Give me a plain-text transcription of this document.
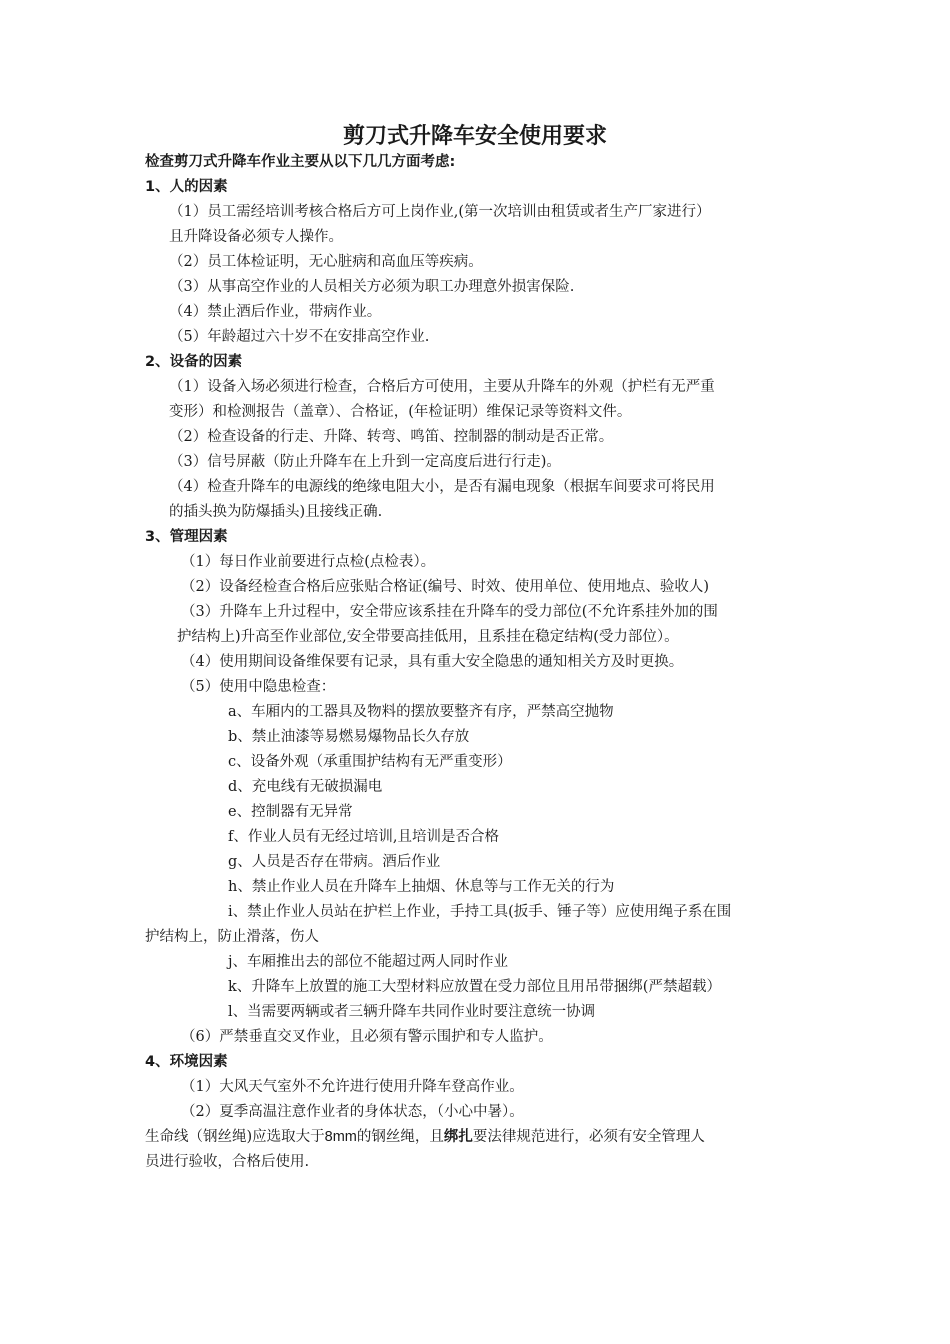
剪刀式升降车安全使用要求

检查剪刀式升降车作业主要从以下几几方面考虑:

1、人的因素

（1）员工需经培训考核合格后方可上岗作业,(第一次培训由租赁或者生产厂家进行）

且升降设备必须专人操作。

（2）员工体检证明，无心脏病和高血压等疾病。

（3）从事高空作业的人员相关方必须为职工办理意外损害保险.

（4）禁止酒后作业，带病作业。

（5）年龄超过六十岁不在安排高空作业.

2、设备的因素

（1）设备入场必须进行检查，合格后方可使用，主要从升降车的外观（护栏有无严重

变形）和检测报告（盖章）、合格证，(年检证明）维保记录等资料文件。

（2）检查设备的行走、升降、转弯、鸣笛、控制器的制动是否正常。

（3）信号屏蔽（防止升降车在上升到一定高度后进行行走)。

（4）检查升降车的电源线的绝缘电阻大小，是否有漏电现象（根据车间要求可将民用

的插头换为防爆插头)且接线正确.

3、管理因素

（1）每日作业前要进行点检(点检表）。

（2）设备经检查合格后应张贴合格证(编号、时效、使用单位、使用地点、验收人)

（3）升降车上升过程中，安全带应该系挂在升降车的受力部位(不允许系挂外加的围

护结构上)升高至作业部位,安全带要高挂低用，且系挂在稳定结构(受力部位）。

（4）使用期间设备维保要有记录，具有重大安全隐患的通知相关方及时更换。

（5）使用中隐患检查：

a、车厢内的工器具及物料的摆放要整齐有序，严禁高空抛物

b、禁止油漆等易燃易爆物品长久存放

c、设备外观（承重围护结构有无严重变形）

d、充电线有无破损漏电

e、控制器有无异常

f、作业人员有无经过培训,且培训是否合格

g、人员是否存在带病。酒后作业

h、禁止作业人员在升降车上抽烟、休息等与工作无关的行为

i、禁止作业人员站在护栏上作业，手持工具(扳手、锤子等）应使用绳子系在围

护结构上，防止滑落，伤人

j、车厢推出去的部位不能超过两人同时作业

k、升降车上放置的施工大型材料应放置在受力部位且用吊带捆绑(严禁超载）

l、当需要两辆或者三辆升降车共同作业时要注意统一协调

（6）严禁垂直交叉作业，且必须有警示围护和专人监护。

4、环境因素

（1）大风天气室外不允许进行使用升降车登高作业。

（2）夏季高温注意作业者的身体状态，（小心中暑）。

生命线（钢丝绳)应选取大于8mm的钢丝绳，且绑扎要法律规范进行，必须有安全管理人

员进行验收，合格后使用.
